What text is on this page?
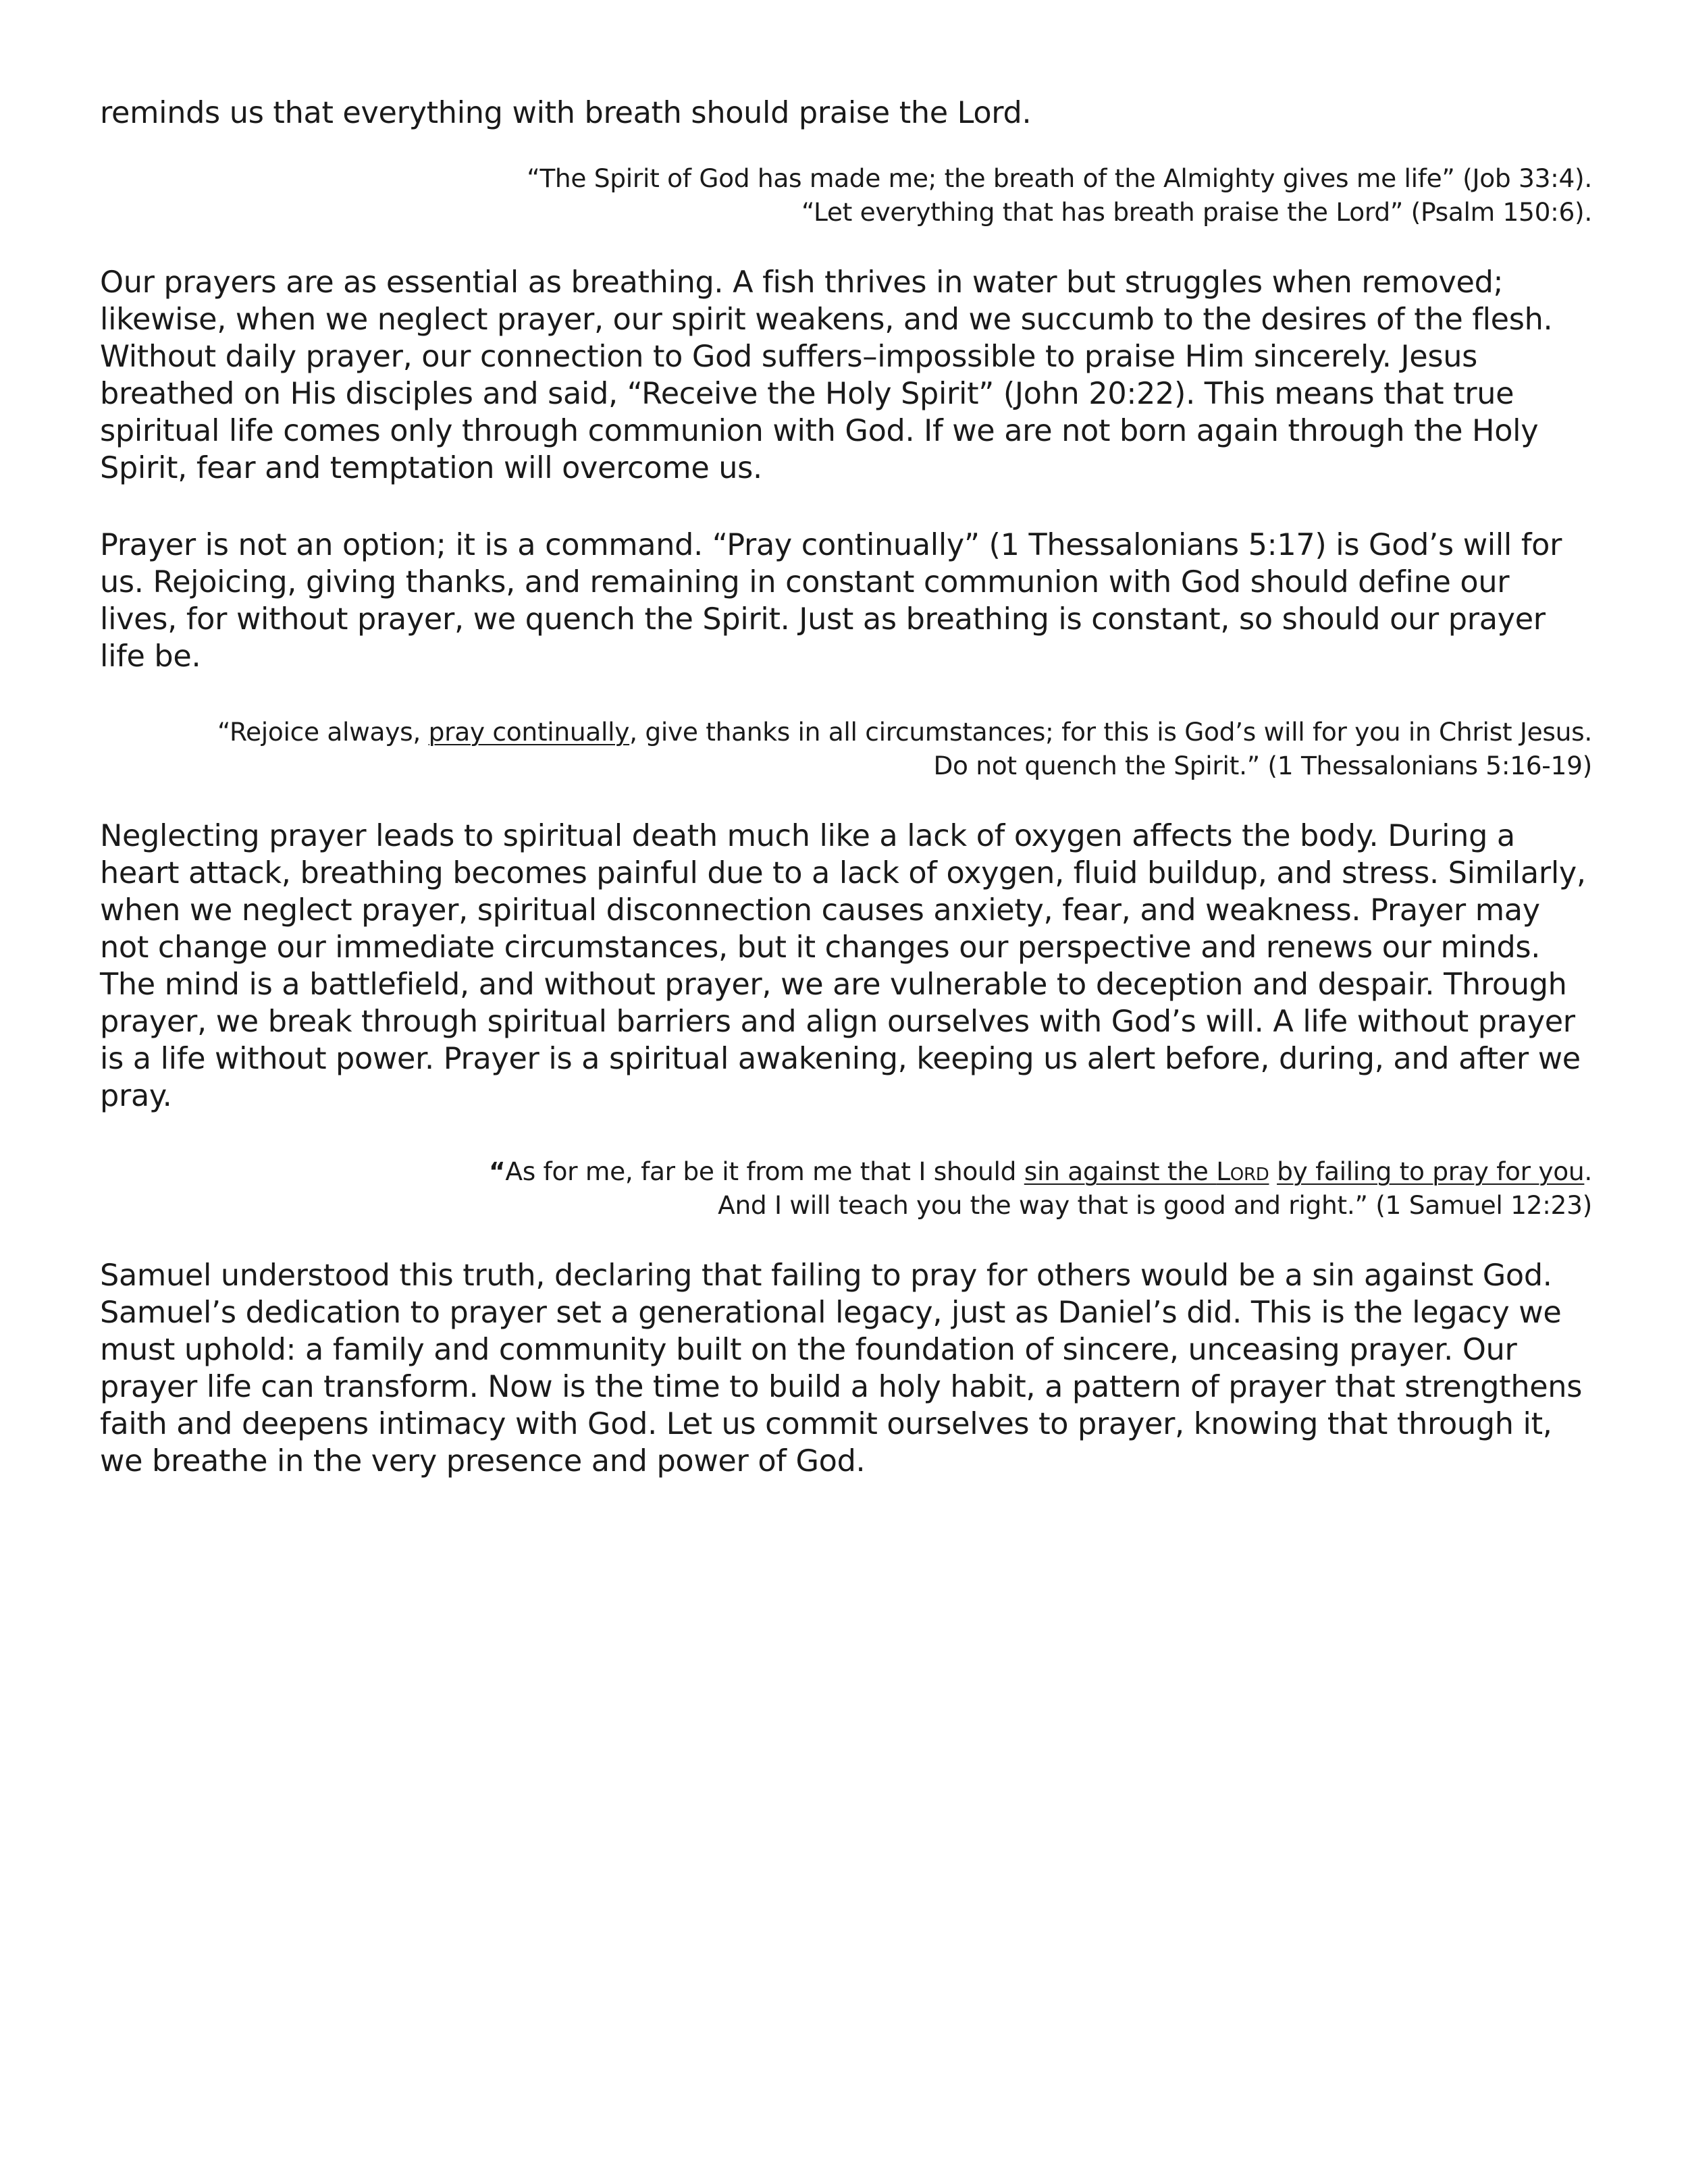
reminds us that everything with breath should praise the Lord.

“The Spirit of God has made me; the breath of the Almighty gives me life” (Job 33:4).
“Let everything that has breath praise the Lord” (Psalm 150:6).

Our prayers are as essential as breathing. A fish thrives in water but struggles when removed; likewise, when we neglect prayer, our spirit weakens, and we succumb to the desires of the flesh. Without daily prayer, our connection to God suffers–impossible to praise Him sincerely. Jesus breathed on His disciples and said, “Receive the Holy Spirit” (John 20:22). This means that true spiritual life comes only through communion with God. If we are not born again through the Holy Spirit, fear and temptation will overcome us.

Prayer is not an option; it is a command. “Pray continually” (1 Thessalonians 5:17) is God’s will for us. Rejoicing, giving thanks, and remaining in constant communion with God should define our lives, for without prayer, we quench the Spirit. Just as breathing is constant, so should our prayer life be.

“Rejoice always, pray continually, give thanks in all circumstances; for this is God’s will for you in Christ Jesus.
Do not quench the Spirit.” (1 Thessalonians 5:16-19)

Neglecting prayer leads to spiritual death much like a lack of oxygen affects the body. During a heart attack, breathing becomes painful due to a lack of oxygen, fluid buildup, and stress. Similarly, when we neglect prayer, spiritual disconnection causes anxiety, fear, and weakness. Prayer may not change our immediate circumstances, but it changes our perspective and renews our minds. The mind is a battlefield, and without prayer, we are vulnerable to deception and despair. Through prayer, we break through spiritual barriers and align ourselves with God’s will. A life without prayer is a life without power. Prayer is a spiritual awakening, keeping us alert before, during, and after we pray.

“As for me, far be it from me that I should sin against the Lord by failing to pray for you.
And I will teach you the way that is good and right.” (1 Samuel 12:23)

Samuel understood this truth, declaring that failing to pray for others would be a sin against God. Samuel’s dedication to prayer set a generational legacy, just as Daniel’s did. This is the legacy we must uphold: a family and community built on the foundation of sincere, unceasing prayer. Our prayer life can transform. Now is the time to build a holy habit, a pattern of prayer that strengthens faith and deepens intimacy with God. Let us commit ourselves to prayer, knowing that through it, we breathe in the very presence and power of God.
